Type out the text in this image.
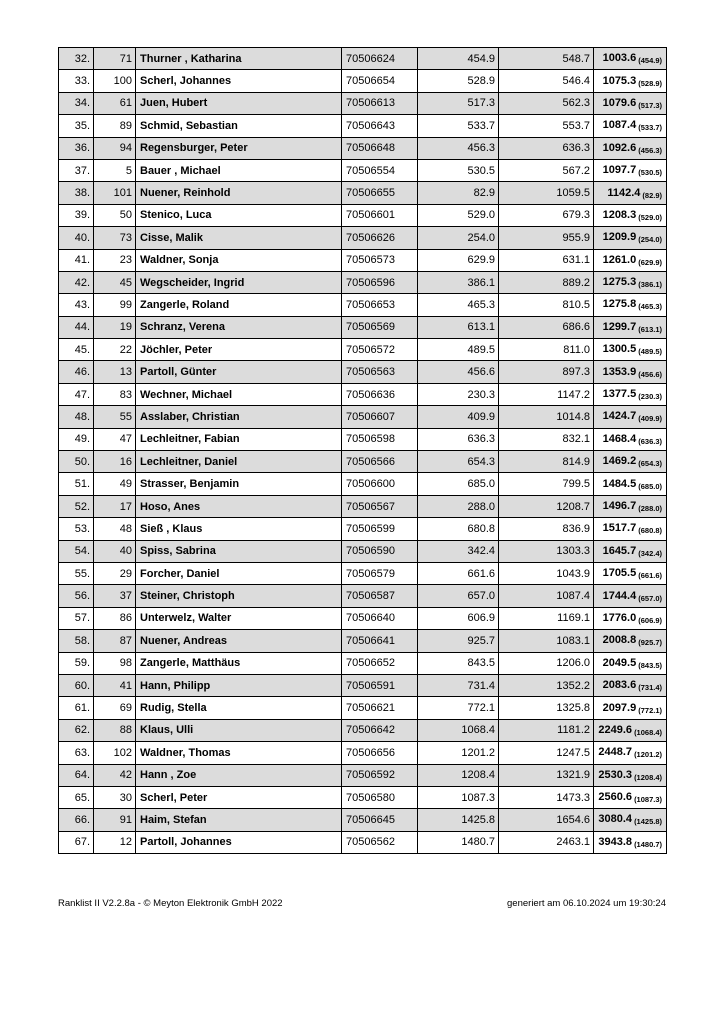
32.	71	Thurner , Katharina	70506624	454.9	548.7	1003.6 $_{(454.9)}$
33.	100	Scherl, Johannes	70506654	528.9	546.4	1075.3 $_{(528.9)}$
34.	61	Juen, Hubert	70506613	517.3	562.3	1079.6 $_{(517.3)}$
35.	89	Schmid, Sebastian	70506643	533.7	553.7	1087.4 $_{(533.7)}$
36.	94	Regensburger, Peter	70506648	456.3	636.3	1092.6 $_{(456.3)}$
37.	5	Bauer , Michael	70506554	530.5	567.2	1097.7 $_{(530.5)}$
38.	101	Nuener, Reinhold	70506655	82.9	1059.5	1142.4 $_{(82.9)}$
39.	50	Stenico, Luca	70506601	529.0	679.3	1208.3 $_{(529.0)}$
40.	73	Cisse, Malik	70506626	254.0	955.9	1209.9 $_{(254.0)}$
41.	23	Waldner, Sonja	70506573	629.9	631.1	1261.0 $_{(629.9)}$
42.	45	Wegscheider, Ingrid	70506596	386.1	889.2	1275.3 $_{(386.1)}$
43.	99	Zangerle, Roland	70506653	465.3	810.5	1275.8 $_{(465.3)}$
44.	19	Schranz, Verena	70506569	613.1	686.6	1299.7 $_{(613.1)}$
45.	22	Jöchler, Peter	70506572	489.5	811.0	1300.5 $_{(489.5)}$
46.	13	Partoll, Günter	70506563	456.6	897.3	1353.9 $_{(456.6)}$
47.	83	Wechner, Michael	70506636	230.3	1147.2	1377.5 $_{(230.3)}$
48.	55	Asslaber, Christian	70506607	409.9	1014.8	1424.7 $_{(409.9)}$
49.	47	Lechleitner, Fabian	70506598	636.3	832.1	1468.4 $_{(636.3)}$
50.	16	Lechleitner, Daniel	70506566	654.3	814.9	1469.2 $_{(654.3)}$
51.	49	Strasser, Benjamin	70506600	685.0	799.5	1484.5 $_{(685.0)}$
52.	17	Hoso, Anes	70506567	288.0	1208.7	1496.7 $_{(288.0)}$
53.	48	Sieß , Klaus	70506599	680.8	836.9	1517.7 $_{(680.8)}$
54.	40	Spiss, Sabrina	70506590	342.4	1303.3	1645.7 $_{(342.4)}$
55.	29	Forcher, Daniel	70506579	661.6	1043.9	1705.5 $_{(661.6)}$
56.	37	Steiner, Christoph	70506587	657.0	1087.4	1744.4 $_{(657.0)}$
57.	86	Unterwelz, Walter	70506640	606.9	1169.1	1776.0 $_{(606.9)}$
58.	87	Nuener, Andreas	70506641	925.7	1083.1	2008.8 $_{(925.7)}$
59.	98	Zangerle, Matthäus	70506652	843.5	1206.0	2049.5 $_{(843.5)}$
60.	41	Hann, Philipp	70506591	731.4	1352.2	2083.6 $_{(731.4)}$
61.	69	Rudig, Stella	70506621	772.1	1325.8	2097.9 $_{(772.1)}$
62.	88	Klaus, Ulli	70506642	1068.4	1181.2	2249.6 $_{(1068.4)}$
63.	102	Waldner, Thomas	70506656	1201.2	1247.5	2448.7 $_{(1201.2)}$
64.	42	Hann , Zoe	70506592	1208.4	1321.9	2530.3 $_{(1208.4)}$
65.	30	Scherl, Peter	70506580	1087.3	1473.3	2560.6 $_{(1087.3)}$
66.	91	Haim, Stefan	70506645	1425.8	1654.6	3080.4 $_{(1425.8)}$
67.	12	Partoll, Johannes	70506562	1480.7	2463.1	3943.8 $_{(1480.7)}$
Ranklist II V2.2.8a - © Meyton Elektronik GmbH 2022	generiert am 06.10.2024 um 19:30:24
